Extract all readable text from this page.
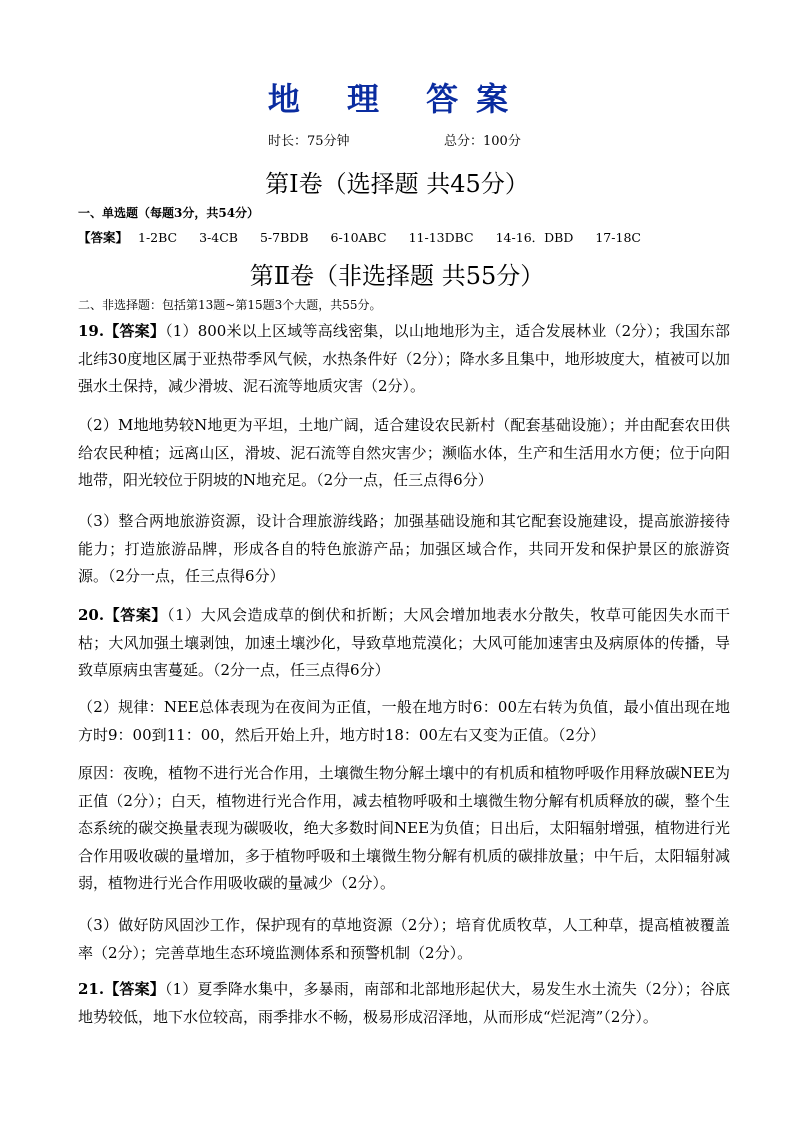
地 理 答案
时长：75分钟	总分：100分
第Ⅰ卷（选择题 共45分）
一、单选题（每题3分，共54分）
【答案】 1-2BC 3-4CB 5-7BDB 6-10ABC 11-13DBC 14-16．DBD 17-18C
第Ⅱ卷（非选择题 共55分）
二、非选择题：包括第13题~第15题3个大题，共55分。
19.【答案】（1）800米以上区域等高线密集，以山地地形为主，适合发展林业（2分）；我国东部北纬30度地区属于亚热带季风气候，水热条件好（2分）；降水多且集中，地形坡度大，植被可以加强水土保持，减少滑坡、泥石流等地质灾害（2分）。
（2）M地地势较N地更为平坦，土地广阔，适合建设农民新村（配套基础设施）；并由配套农田供给农民种植；远离山区，滑坡、泥石流等自然灾害少；濒临水体，生产和生活用水方便；位于向阳地带，阳光较位于阴坡的N地充足。（2分一点，任三点得6分）
（3）整合两地旅游资源，设计合理旅游线路；加强基础设施和其它配套设施建设，提高旅游接待能力；打造旅游品牌，形成各自的特色旅游产品；加强区域合作，共同开发和保护景区的旅游资源。（2分一点，任三点得6分）
20.【答案】（1）大风会造成草的倒伏和折断；大风会增加地表水分散失，牧草可能因失水而干枯；大风加强土壤剥蚀，加速土壤沙化，导致草地荒漠化；大风可能加速害虫及病原体的传播，导致草原病虫害蔓延。（2分一点，任三点得6分）
（2）规律：NEE总体表现为在夜间为正值，一般在地方时6：00左右转为负值，最小值出现在地方时9：00到11：00，然后开始上升，地方时18：00左右又变为正值。（2分）
原因：夜晚，植物不进行光合作用，土壤微生物分解土壤中的有机质和植物呼吸作用释放碳NEE为正值（2分）；白天，植物进行光合作用，减去植物呼吸和土壤微生物分解有机质释放的碳，整个生态系统的碳交换量表现为碳吸收，绝大多数时间NEE为负值；日出后，太阳辐射增强，植物进行光合作用吸收碳的量增加，多于植物呼吸和土壤微生物分解有机质的碳排放量；中午后，太阳辐射减弱，植物进行光合作用吸收碳的量减少（2分）。
（3）做好防风固沙工作，保护现有的草地资源（2分）；培育优质牧草，人工种草，提高植被覆盖率（2分）；完善草地生态环境监测体系和预警机制（2分）。
21.【答案】（1）夏季降水集中，多暴雨，南部和北部地形起伏大，易发生水土流失（2分）；谷底地势较低，地下水位较高，雨季排水不畅，极易形成沼泽地，从而形成“烂泥湾”（2分）。
